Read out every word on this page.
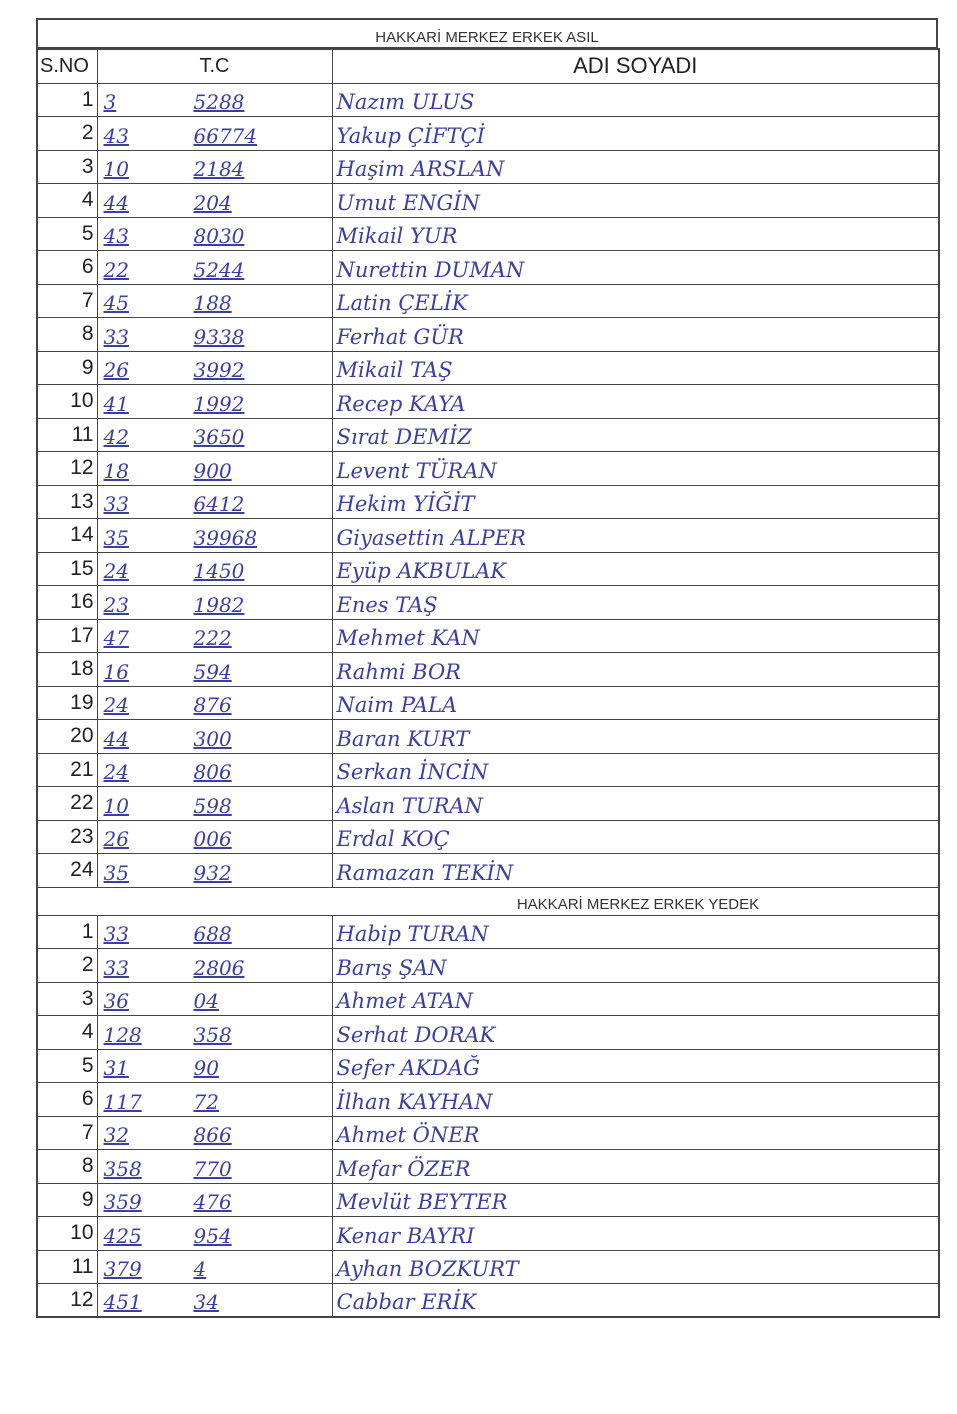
HAKKARİ MERKEZ ERKEK ASIL
S.NO	T.C	ADI SOYADI
1	3 5288	Nazım ULUS
2	43 66774	Yakup ÇİFTÇİ
3	10 2184	Haşim ARSLAN
4	44 204	Umut ENGİN
5	43 8030	Mikail YUR
6	22 5244	Nurettin DUMAN
7	45 188	Latin ÇELİK
8	33 9338	Ferhat GÜR
9	26 3992	Mikail TAŞ
10	41 1992	Recep KAYA
11	42 3650	Sırat DEMİZ
12	18 900	Levent TÜRAN
13	33 6412	Hekim YİĞİT
14	35 39968	Giyasettin ALPER
15	24 1450	Eyüp AKBULAK
16	23 1982	Enes TAŞ
17	47 222	Mehmet KAN
18	16 594	Rahmi BOR
19	24 876	Naim PALA
20	44 300	Baran KURT
21	24 806	Serkan İNCİN
22	10 598	Aslan TURAN
23	26 006	Erdal KOÇ
24	35 932	Ramazan TEKİN
HAKKARİ MERKEZ ERKEK YEDEK		
1	33 688	Habip TURAN
2	33 2806	Barış ŞAN
3	36 04	Ahmet ATAN
4	128 358	Serhat DORAK
5	31 90	Sefer AKDAĞ
6	117 72	İlhan KAYHAN
7	32 866	Ahmet ÖNER
8	358 770	Mefar ÖZER
9	359 476	Mevlüt BEYTER
10	425 954	Kenar BAYRI
11	379 4	Ayhan BOZKURT
12	451 34	Cabbar ERİK
